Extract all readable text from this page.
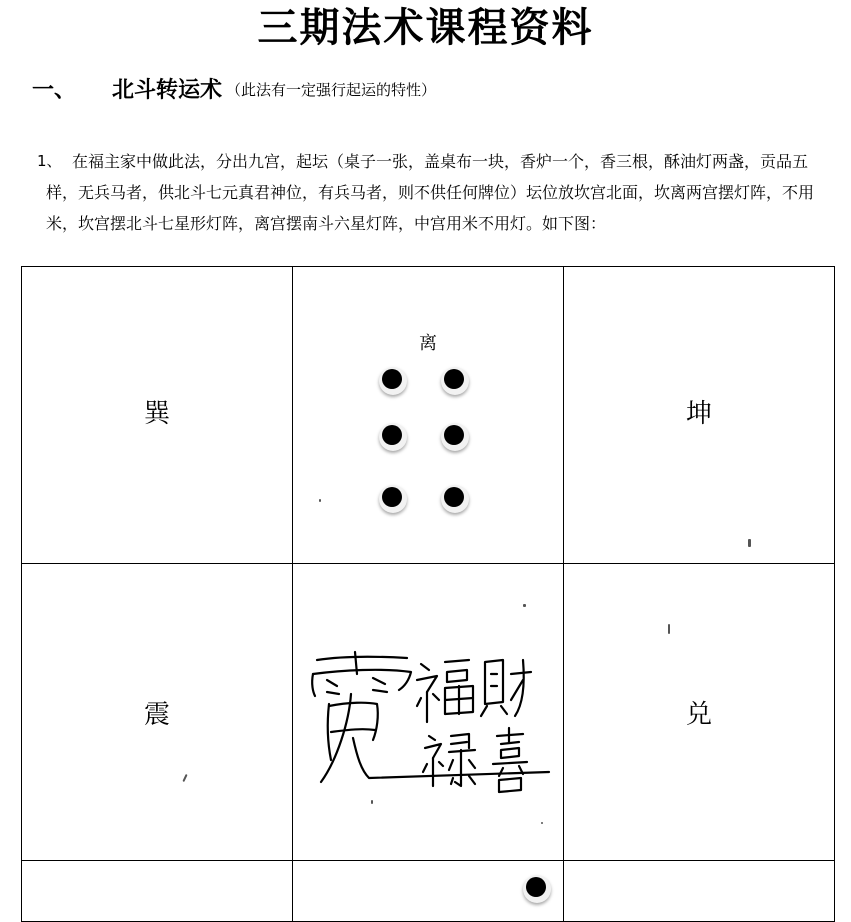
三期法术课程资料
一、	北斗转运术 （此法有一定强行起运的特性）
1、 在福主家中做此法，分出九宫，起坛（桌子一张，盖桌布一块，香炉一个，香三根，酥油灯两盏，贡品五样，无兵马者，供北斗七元真君神位，有兵马者，则不供任何牌位）坛位放坎宫北面，坎离两宫摆灯阵，不用米，坎宫摆北斗七星形灯阵，离宫摆南斗六星灯阵，中宫用米不用灯。如下图：

巽	离	坤

震		兑
